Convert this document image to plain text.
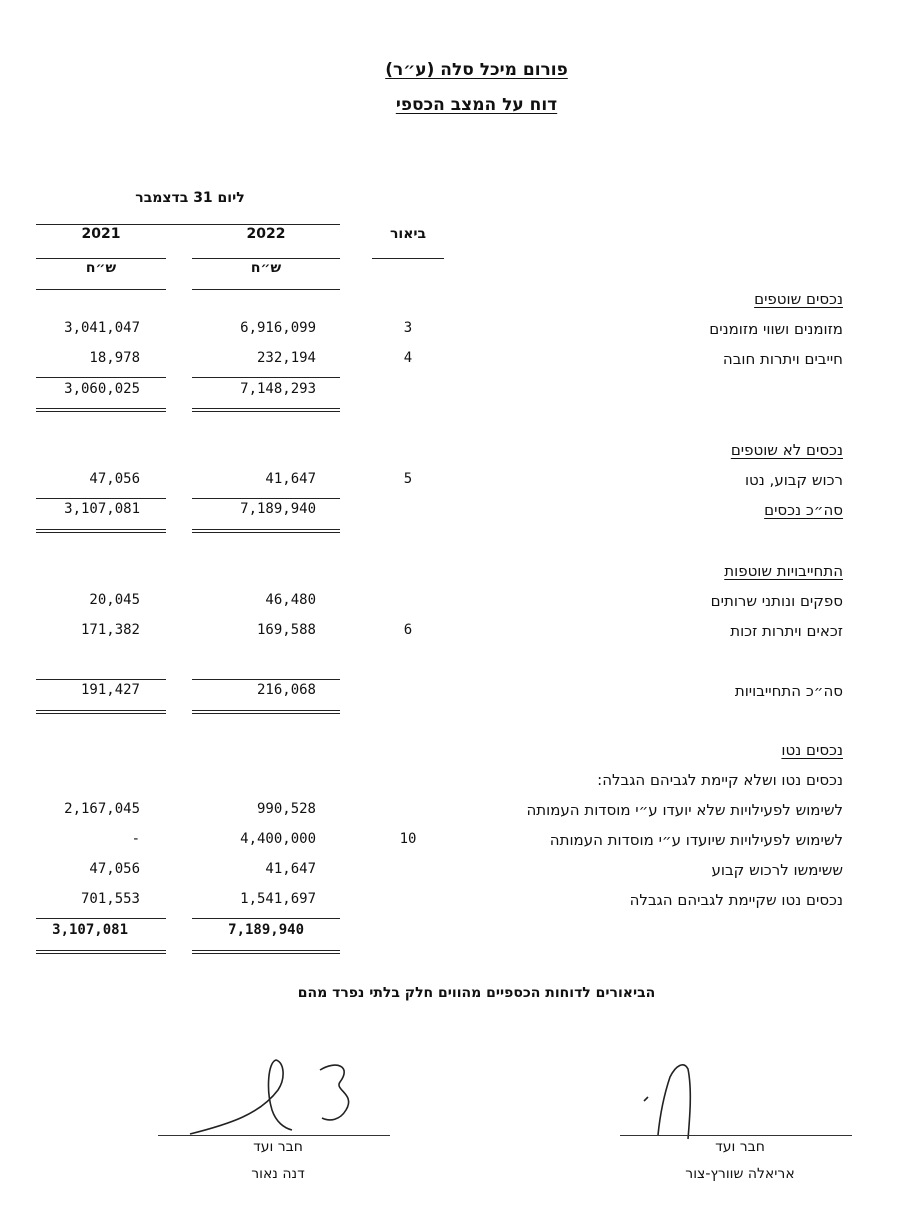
פורום מיכל סלה (ע״ר)
דוח על המצב הכספי
ליום 31 בדצמבר
2022
2021	ביאור
ש״ח
ש״ח
נכסים שוטפים
מזומנים ושווי מזומנים
3
6,916,099
3,041,047
חייבים ויתרות חובה
4
232,194
18,978
7,148,293
3,060,025
נכסים לא שוטפים
רכוש קבוע, נטו
5
41,647
47,056
סה״כ נכסים
7,189,940
3,107,081
התחייבויות שוטפות
ספקים ונותני שרותים
46,480
20,045
זכאים ויתרות זכות
6
169,588
171,382
סה״כ התחייבויות
216,068
191,427
נכסים נטו
נכסים נטו ושלא קיימת לגביהם הגבלה:
לשימוש לפעילויות שלא יועדו ע״י מוסדות העמותה
990,528
2,167,045
לשימוש לפעילויות שיועדו ע״י מוסדות העמותה
10
4,400,000
-
ששימשו לרכוש קבוע
41,647
47,056
נכסים נטו שקיימת לגביהם הגבלה
1,541,697
701,553
7,189,940
3,107,081
הביאורים לדוחות הכספיים מהווים חלק בלתי נפרד מהם
חבר ועד
דנה נאור
חבר ועד
אריאלה שוורץ-צור
